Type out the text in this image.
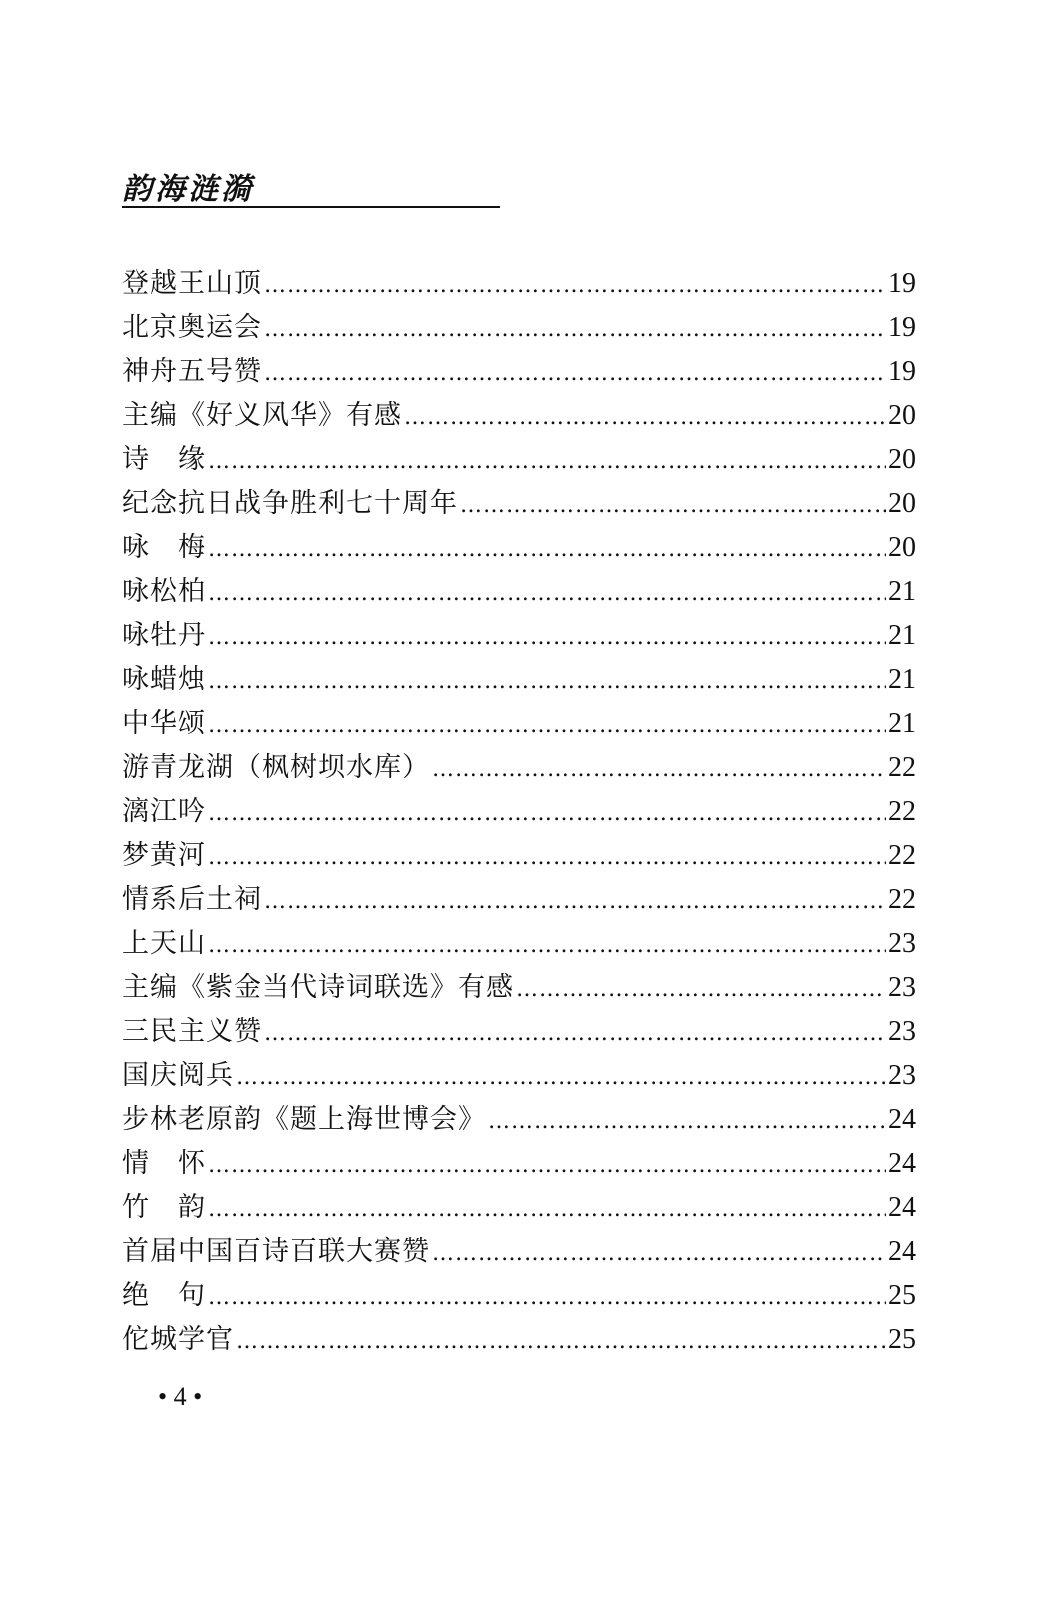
韵海涟漪
登越王山顶 ………………………………………………………………………………………………………………………………………………………………………………………………………………	19
北京奥运会 ………………………………………………………………………………………………………………………………………………………………………………………………………………	19
神舟五号赞 ………………………………………………………………………………………………………………………………………………………………………………………………………………	19
主编《好义风华》有感 ………………………………………………………………………………………………………………………………………………………………………………………………………………	20
诗　缘 ………………………………………………………………………………………………………………………………………………………………………………………………………………	20
纪念抗日战争胜利七十周年 ………………………………………………………………………………………………………………………………………………………………………………………………………………	20
咏　梅 ………………………………………………………………………………………………………………………………………………………………………………………………………………	20
咏松柏 ………………………………………………………………………………………………………………………………………………………………………………………………………………	21
咏牡丹 ………………………………………………………………………………………………………………………………………………………………………………………………………………	21
咏蜡烛 ………………………………………………………………………………………………………………………………………………………………………………………………………………	21
中华颂 ………………………………………………………………………………………………………………………………………………………………………………………………………………	21
游青龙湖（枫树坝水库） ………………………………………………………………………………………………………………………………………………………………………………………………………………	22
漓江吟 ………………………………………………………………………………………………………………………………………………………………………………………………………………	22
梦黄河 ………………………………………………………………………………………………………………………………………………………………………………………………………………	22
情系后土祠 ………………………………………………………………………………………………………………………………………………………………………………………………………………	22
上天山 ………………………………………………………………………………………………………………………………………………………………………………………………………………	23
主编《紫金当代诗词联选》有感 ………………………………………………………………………………………………………………………………………………………………………………………………………………	23
三民主义赞 ………………………………………………………………………………………………………………………………………………………………………………………………………………	23
国庆阅兵 ………………………………………………………………………………………………………………………………………………………………………………………………………………	23
步林老原韵《题上海世博会》 ………………………………………………………………………………………………………………………………………………………………………………………………………………	24
情　怀 ………………………………………………………………………………………………………………………………………………………………………………………………………………	24
竹　韵 ………………………………………………………………………………………………………………………………………………………………………………………………………………	24
首届中国百诗百联大赛赞 ………………………………………………………………………………………………………………………………………………………………………………………………………………	24
绝　句 ………………………………………………………………………………………………………………………………………………………………………………………………………………	25
佗城学官 ………………………………………………………………………………………………………………………………………………………………………………………………………………	25
• 4 •
